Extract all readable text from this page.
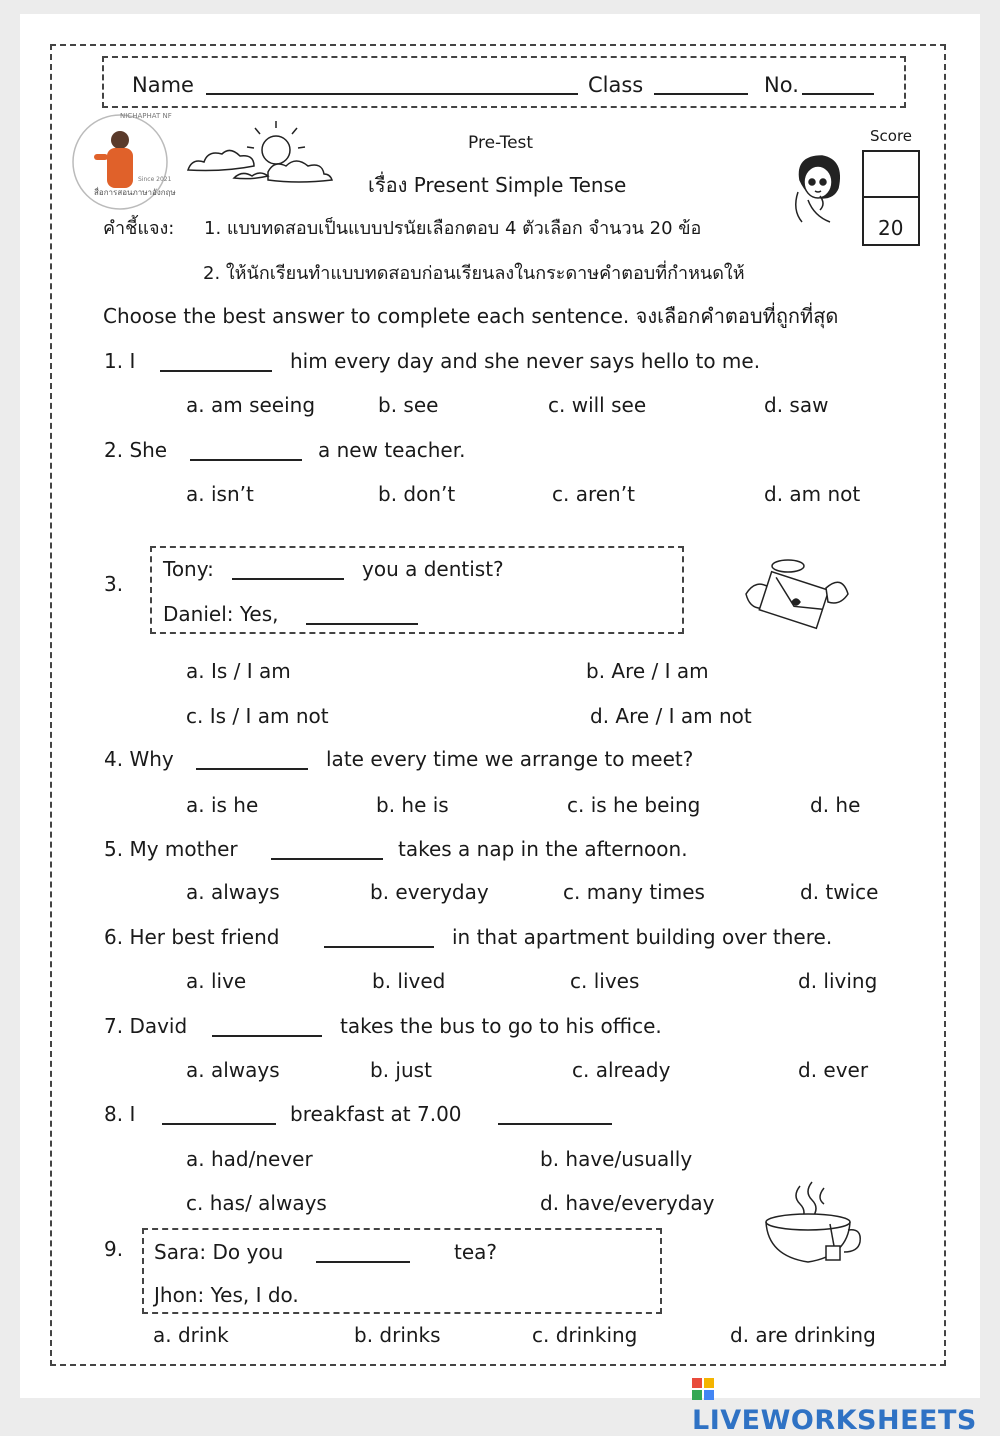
Name	Class	No.
สื่อการสอนภาษาอังกฤษ
NICHAPHAT NF
Since 2021
Pre-Test
เรื่อง Present Simple Tense
Score
20
คำชี้แจง: 1. แบบทดสอบเป็นแบบปรนัยเลือกตอบ 4 ตัวเลือก จำนวน 20 ข้อ
2. ให้นักเรียนทำแบบทดสอบก่อนเรียนลงในกระดาษคำตอบที่กำหนดให้
Choose the best answer to complete each sentence. จงเลือกคำตอบที่ถูกที่สุด
1. I	him every day and she never says hello to me.
a. am seeing	b. see	c. will see	d. saw
2. She	a new teacher.
a. isn’t	b. don’t	c. aren’t	d. am not
3.
Tony:	you a dentist?
Daniel: Yes,
a. Is / I am	b. Are / I am
c. Is / I am not	d. Are / I am not
4. Why	late every time we arrange to meet?
a. is he	b. he is	c. is he being	d. he
5. My mother	takes a nap in the afternoon.
a. always	b. everyday	c. many times	d. twice
6. Her best friend	in that apartment building over there.
a. live	b. lived	c. lives	d. living
7. David	takes the bus to go to his office.
a. always	b. just	c. already	d. ever
8. I	breakfast at 7.00
a. had/never	b. have/usually
c. has/ always	d. have/everyday
9. Sara: Do you	tea?
Jhon: Yes, I do.
a. drink	b. drinks	c. drinking	d. are drinking
LIVEWORKSHEETS
